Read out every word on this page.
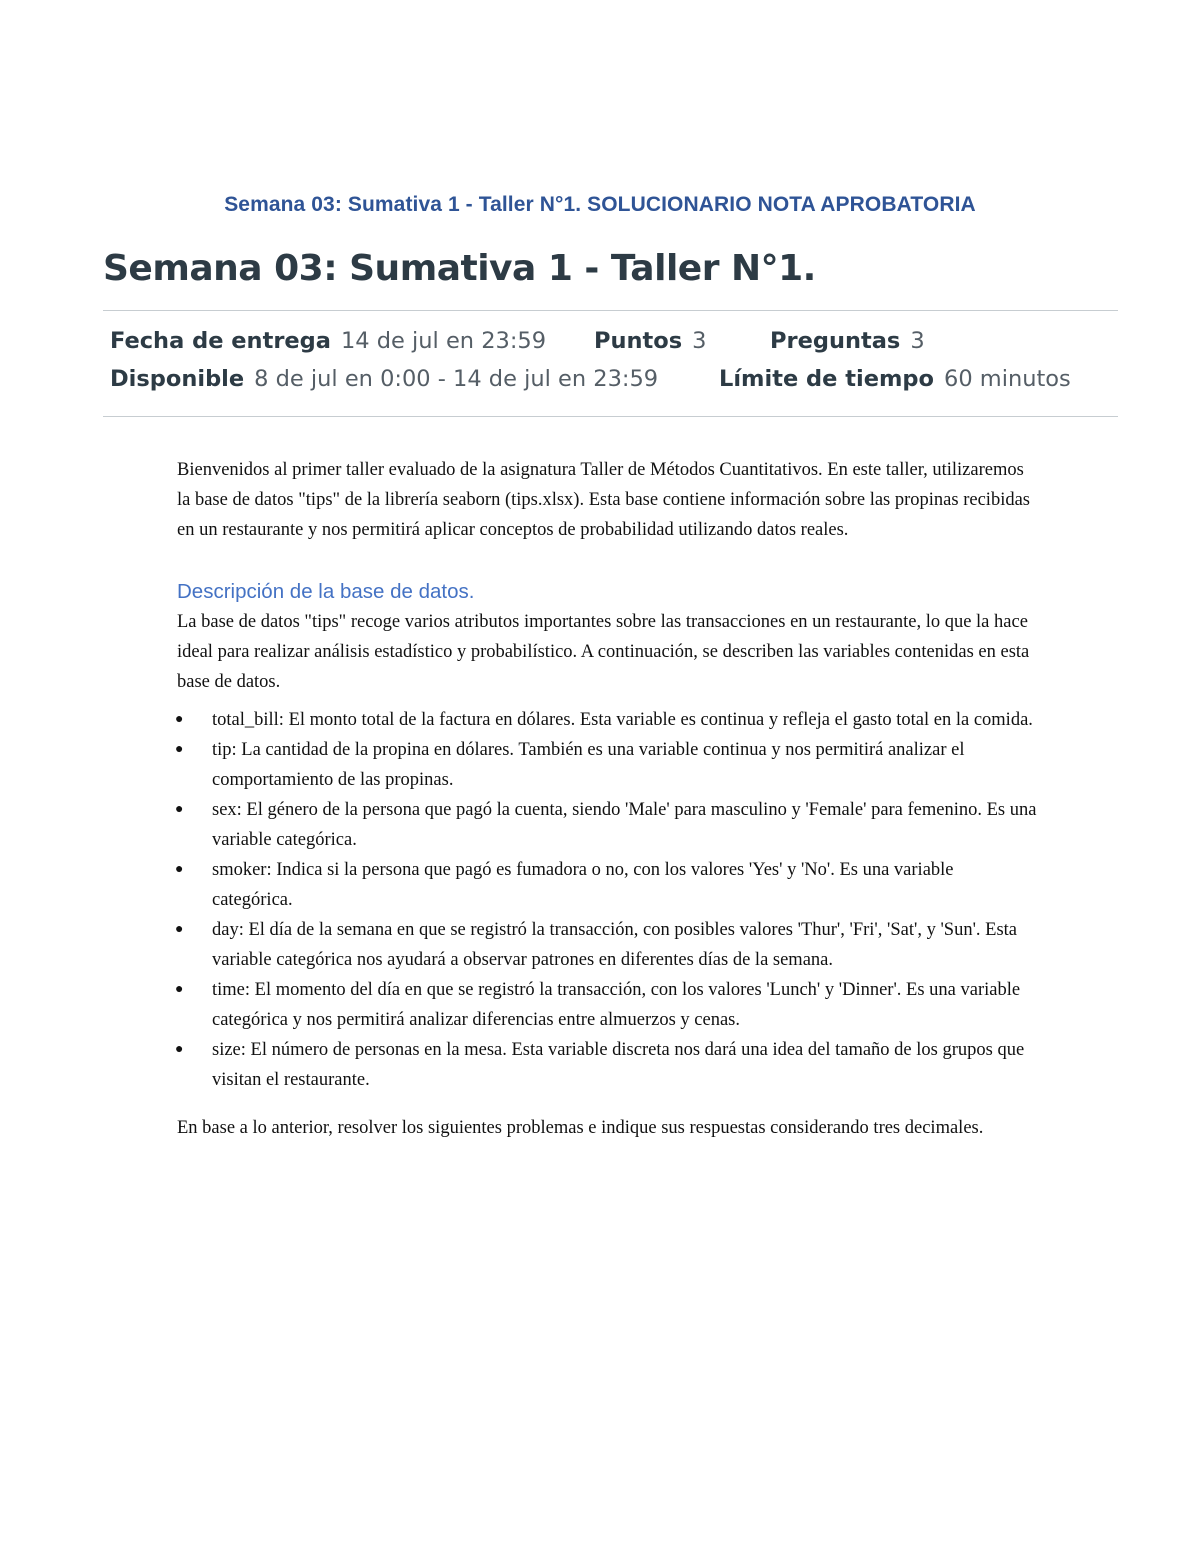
Semana 03: Sumativa 1 - Taller N°1. SOLUCIONARIO NOTA APROBATORIA
Semana 03: Sumativa 1 - Taller N°1.
Fecha de entrega 14 de jul en 23:59 Puntos 3	Preguntas 3
Disponible 8 de jul en 0:00 - 14 de jul en 23:59	Límite de tiempo 60 minutos

Bienvenidos al primer taller evaluado de la asignatura Taller de Métodos Cuantitativos. En este taller, utilizaremos la base de datos "tips" de la librería seaborn (tips.xlsx). Esta base contiene información sobre las propinas recibidas en un restaurante y nos permitirá aplicar conceptos de probabilidad utilizando datos reales.

Descripción de la base de datos.

La base de datos "tips" recoge varios atributos importantes sobre las transacciones en un restaurante, lo que la hace ideal para realizar análisis estadístico y probabilístico. A continuación, se describen las variables contenidas en esta base de datos.

● total_bill: El monto total de la factura en dólares. Esta variable es continua y refleja el gasto total en la comida.
● tip: La cantidad de la propina en dólares. También es una variable continua y nos permitirá analizar el comportamiento de las propinas.
● sex: El género de la persona que pagó la cuenta, siendo 'Male' para masculino y 'Female' para femenino. Es una variable categórica.
● smoker: Indica si la persona que pagó es fumadora o no, con los valores 'Yes' y 'No'. Es una variable categórica.
● day: El día de la semana en que se registró la transacción, con posibles valores 'Thur', 'Fri', 'Sat', y 'Sun'. Esta variable categórica nos ayudará a observar patrones en diferentes días de la semana.
● time: El momento del día en que se registró la transacción, con los valores 'Lunch' y 'Dinner'. Es una variable categórica y nos permitirá analizar diferencias entre almuerzos y cenas.
● size: El número de personas en la mesa. Esta variable discreta nos dará una idea del tamaño de los grupos que visitan el restaurante.

En base a lo anterior, resolver los siguientes problemas e indique sus respuestas considerando tres decimales.
